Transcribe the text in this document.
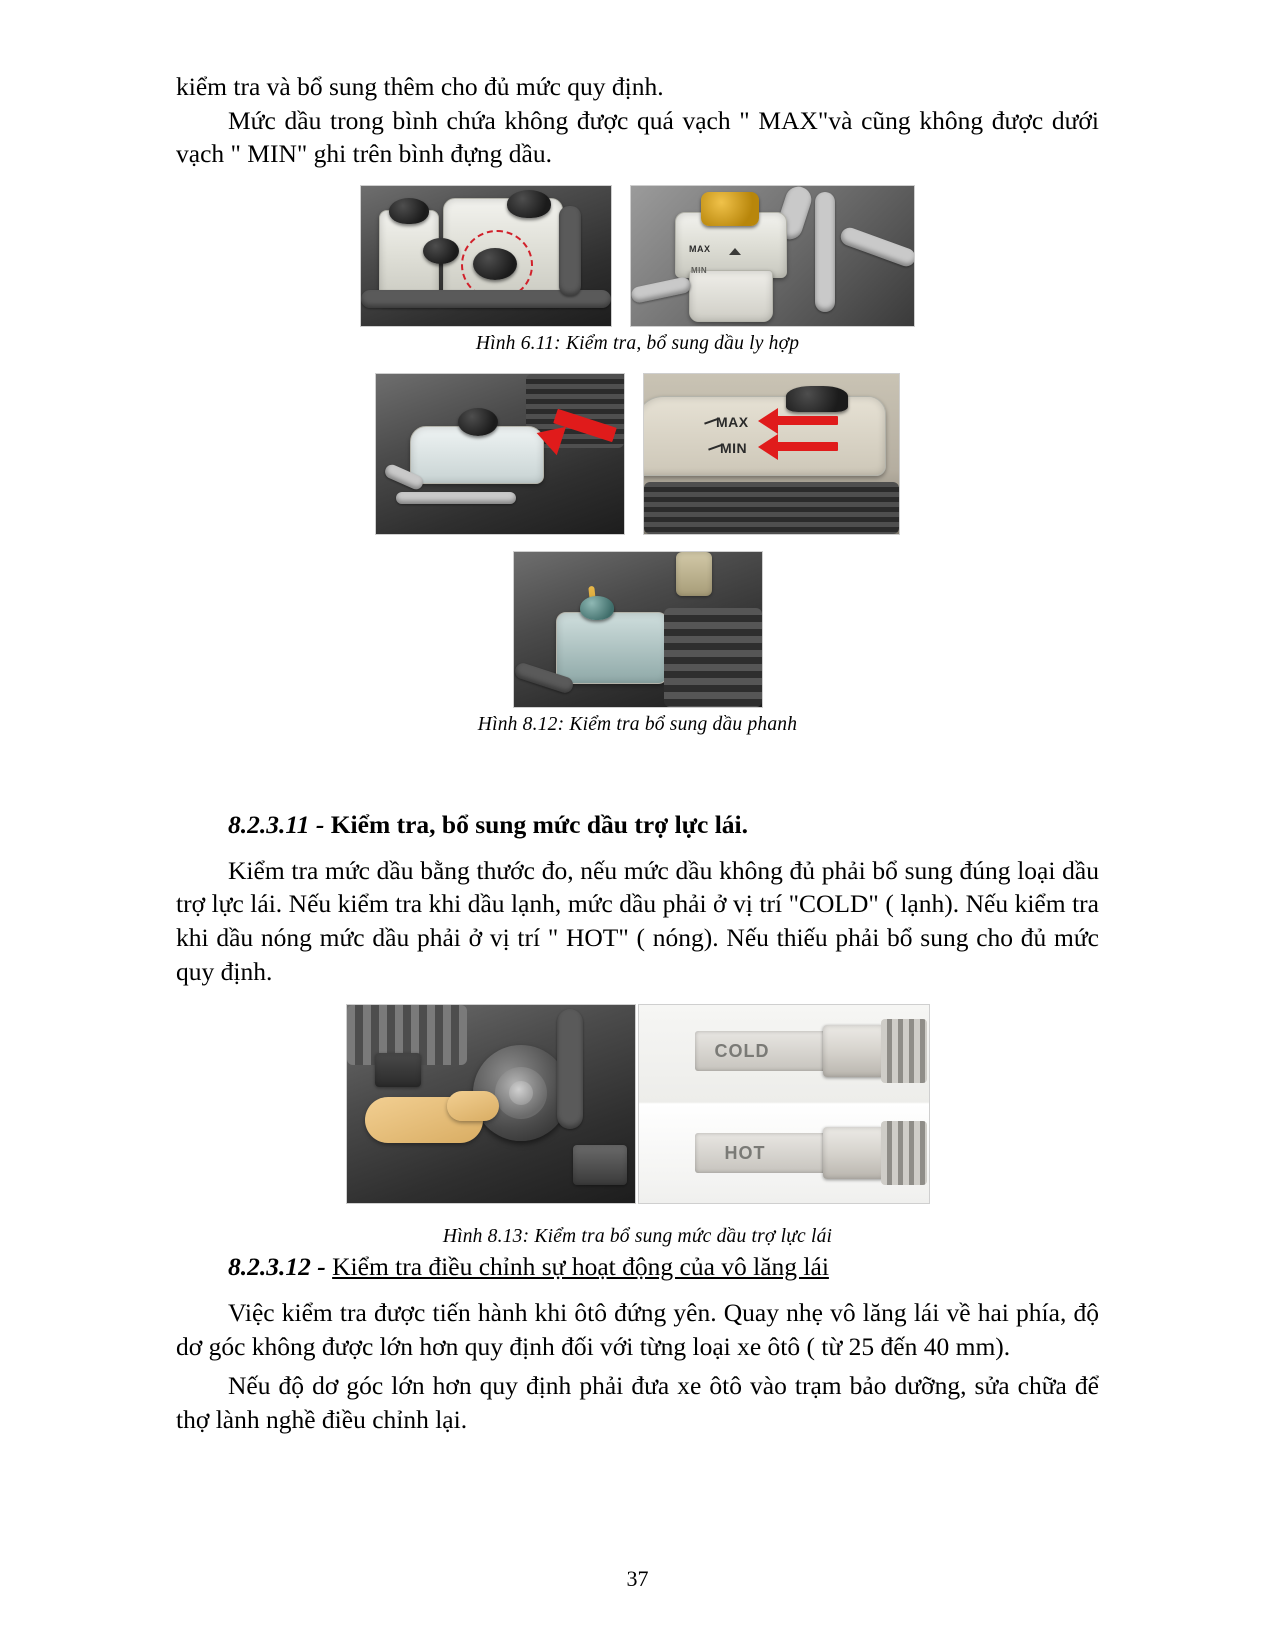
kiểm tra và bổ sung thêm cho đủ mức quy định.

Mức dầu trong bình chứa không được quá vạch " MAX"và cũng không được dưới vạch " MIN" ghi trên bình đựng dầu.

MAX
MIN
Hình 6.11: Kiểm tra, bổ sung dầu ly hợp
MAX
MIN
Hình 8.12: Kiểm tra bổ sung dầu phanh

8.2.3.11 - Kiểm tra, bổ sung mức dầu trợ lực lái.

Kiểm tra mức dầu bằng thước đo, nếu mức dầu không đủ phải bổ sung đúng loại dầu trợ lực lái. Nếu kiểm tra khi dầu lạnh, mức dầu phải ở vị trí "COLD" ( lạnh). Nếu kiểm tra khi dầu nóng mức dầu phải ở vị trí " HOT" ( nóng). Nếu thiếu phải bổ sung cho đủ mức quy định.

COLD
HOT
Hình 8.13: Kiểm tra bổ sung mức dầu trợ lực lái

8.2.3.12 - Kiểm tra điều chỉnh sự hoạt động của vô lăng lái

Việc kiểm tra được tiến hành khi ôtô đứng yên. Quay nhẹ vô lăng lái về hai phía, độ dơ góc không được lớn hơn quy định đối với từng loại xe ôtô ( từ 25 đến 40 mm).

Nếu độ dơ góc lớn hơn quy định phải đưa xe ôtô vào trạm bảo dưỡng, sửa chữa để thợ lành nghề điều chỉnh lại.

37
